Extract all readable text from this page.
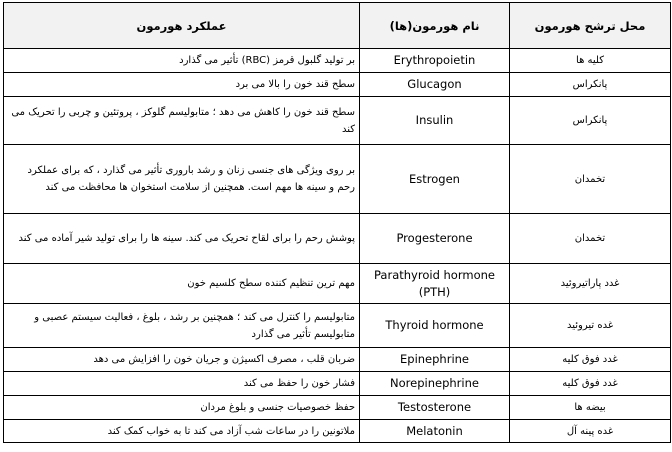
عملکرد هورمون	نام هورمون(ها)	محل ترشح هورمون
بر تولید گلبول قرمز (RBC) تأثیر می گذارد	Erythropoietin	کلیه ها
سطح قند خون را بالا می برد	Glucagon	پانکراس
سطح قند خون را کاهش می دهد ؛ متابولیسم گلوکز ، پروتئین و چربی را تحریک می کند	Insulin	پانکراس
بر روی ویژگی های جنسی زنان و رشد باروری تأثیر می گذارد ، که برای عملکرد رحم و سینه ها مهم است. همچنین از سلامت استخوان ها محافظت می کند	Estrogen	تخمدان
پوشش رحم را برای لقاح تحریک می کند. سینه ها را برای تولید شیر آماده می کند	Progesterone	تخمدان
مهم ترین تنظیم کننده سطح کلسیم خون	Parathyroid hormone (PTH)	غدد پاراتیروئید
متابولیسم را کنترل می کند ؛ همچنین بر رشد ، بلوغ ، فعالیت سیستم عصبی و متابولیسم تأثیر می گذارد	Thyroid hormone	غده تیروئید
ضربان قلب ، مصرف اکسیژن و جریان خون را افزایش می دهد	Epinephrine	غدد فوق کلیه
فشار خون را حفظ می کند	Norepinephrine	غدد فوق کلیه
حفظ خصوصیات جنسی و بلوغ مردان	Testosterone	بیضه ها
ملاتونین را در ساعات شب آزاد می کند تا به خواب کمک کند	Melatonin	غده پینه آل
